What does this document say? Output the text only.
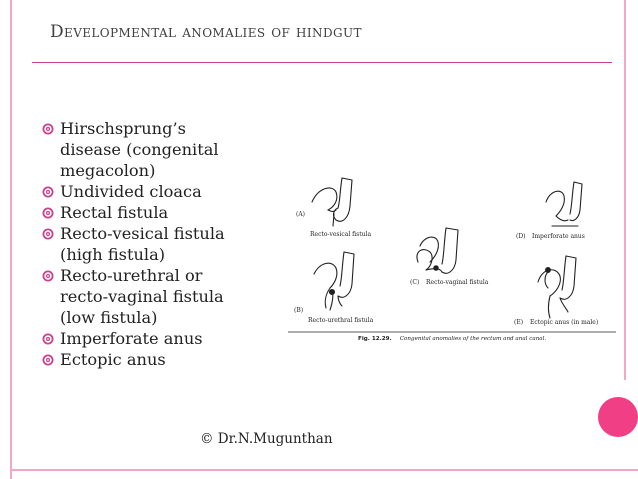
Developmental anomalies of hindgut
Hirschsprung’s
disease (congenital
megacolon)
Undivided cloaca
Rectal fistula
Recto-vesical fistula
(high fistula)
Recto-urethral or
recto-vaginal fistula
(low fistula)
Imperforate anus
Ectopic anus
(A)
Recto-vesical fistula
(B)
Recto-urethral fistula
(C) Recto-vaginal fistula
(D) Imperforate anus
(E) Ectopic anus (in male)
Fig. 12.29. Congenital anomalies of the rectum and anal canal.
© Dr.N.Mugunthan
